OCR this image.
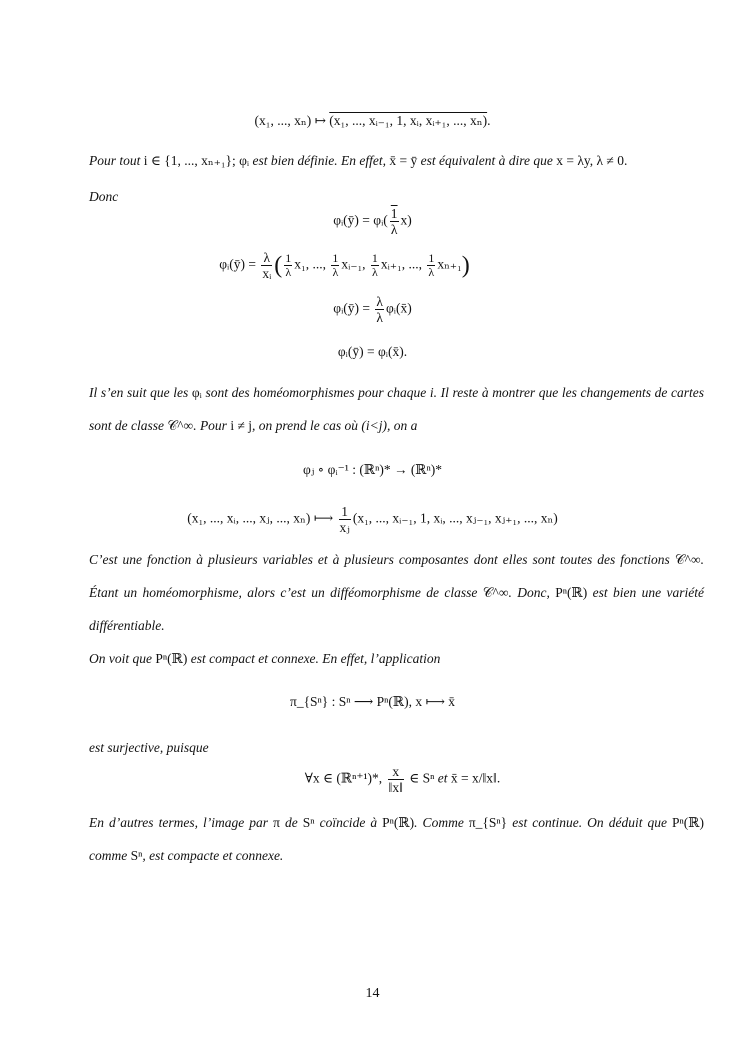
(x₁, ..., xₙ) ↦ (x₁, ..., xᵢ₋₁, 1, xᵢ, xᵢ₊₁, ..., xₙ).
Pour tout i ∈ {1, ..., xₙ₊₁}; φᵢ est bien définie. En effet, x̄ = ȳ est équivalent à dire que x = λy, λ ≠ 0.
Donc
φᵢ(ȳ) = φᵢ( $\frac{1}{\lambda} x$)
φᵢ(ȳ) = $\frac{\lambda}{\text{xᵢ}}$ ( $\frac{1}{\lambda} x_1$, ..., $\frac{1}{\lambda}$ xᵢ₋₁, $\frac{1}{\lambda}$ xᵢ₊₁, ..., $\frac{1}{\lambda} x_{n+1}$)
φᵢ(ȳ) = $\frac{\lambda}{\lambda}$ φᵢ(x̄)
φᵢ(ȳ) = φᵢ(x̄).
Il s’en suit que les φᵢ sont des homéomorphismes pour chaque i. Il reste à montrer que les changements de cartes sont de classe 𝒞^∞. Pour i ≠ j, on prend le cas où (i<j), on a
φⱼ ∘ φᵢ⁻¹ : (ℝⁿ)* → (ℝⁿ)*
(x₁, ..., xᵢ, ..., xⱼ, ..., xₙ) ⟼ $\frac{1}{\text{xⱼ}} (x_1$, ..., xᵢ₋₁, 1, xᵢ, ..., xⱼ₋₁, xⱼ₊₁, ..., xₙ)
C’est une fonction à plusieurs variables et à plusieurs composantes dont elles sont toutes des fonctions 𝒞^∞. Étant un homéomorphisme, alors c’est un difféomorphisme de classe 𝒞^∞. Donc, Pⁿ(ℝ) est bien une variété différentiable.
On voit que Pⁿ(ℝ) est compact et connexe. En effet, l’application
π_{Sⁿ} : Sⁿ ⟶ Pⁿ(ℝ), x ⟼ x̄
est surjective, puisque
∀x ∈ (ℝⁿ⁺¹)*, $\frac{x}{‖x‖}$ ∈ Sⁿ et x̄ = x/‖x‖.
En d’autres termes, l’image par π de Sⁿ coïncide à Pⁿ(ℝ). Comme π_{Sⁿ} est continue. On déduit que Pⁿ(ℝ) comme Sⁿ, est compacte et connexe.
14
